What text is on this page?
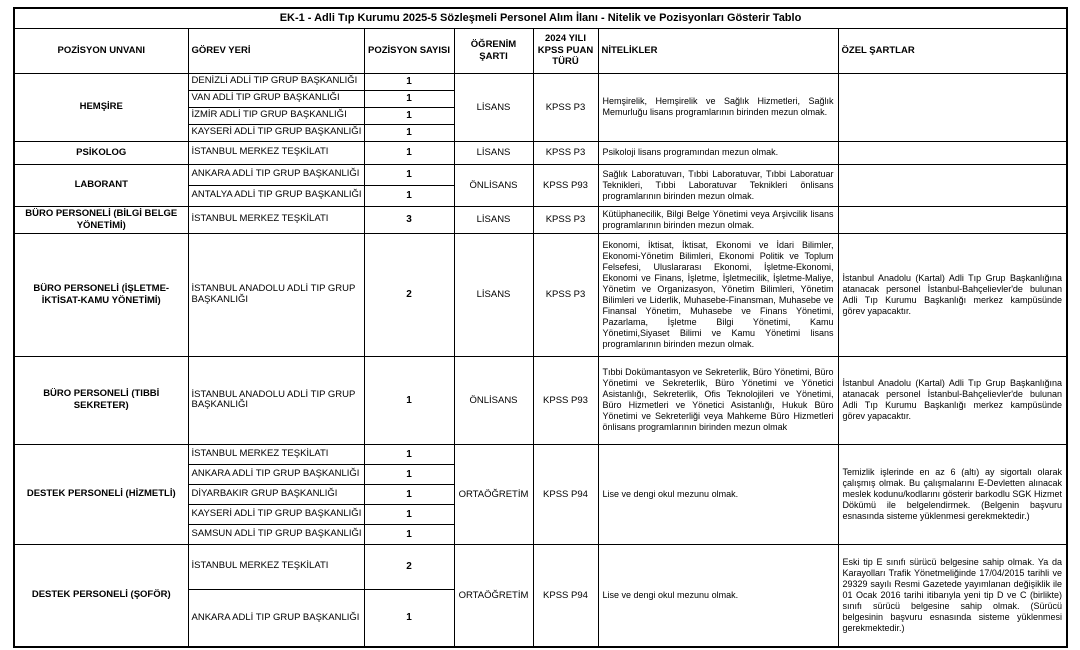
EK-1 - Adli Tıp Kurumu 2025-5 Sözleşmeli Personel Alım İlanı - Nitelik ve Pozisyonları Gösterir Tablo						
POZİSYON UNVANI	GÖREV YERİ	POZİSYON SAYISI	ÖĞRENİM ŞARTI	2024 YILI KPSS PUAN TÜRÜ	NİTELİKLER	ÖZEL ŞARTLAR
HEMŞİRE	DENİZLİ ADLİ TIP GRUP BAŞKANLIĞI	1	LİSANS	KPSS P3	Hemşirelik, Hemşirelik ve Sağlık Hizmetleri, Sağlık Memurluğu lisans programlarının birinden mezun olmak.	
	VAN ADLİ TIP GRUP BAŞKANLIĞI	1				
	İZMİR ADLİ TIP GRUP BAŞKANLIĞI	1				
	KAYSERİ ADLİ TIP GRUP BAŞKANLIĞI	1				
PSİKOLOG	İSTANBUL MERKEZ TEŞKİLATI	1	LİSANS	KPSS P3	Psikoloji lisans programından mezun olmak.	
LABORANT	ANKARA ADLİ TIP GRUP BAŞKANLIĞI	1	ÖNLİSANS	KPSS P93	Sağlık Laboratuvarı, Tıbbi Laboratuvar, Tıbbi Laboratuar Teknikleri, Tıbbi Laboratuvar Teknikleri önlisans programlarının birinden mezun olmak.	
	ANTALYA ADLİ TIP GRUP BAŞKANLIĞI	1				
BÜRO PERSONELİ (BİLGİ BELGE YÖNETİMİ)	İSTANBUL MERKEZ TEŞKİLATI	3	LİSANS	KPSS P3	Kütüphanecilik, Bilgi Belge Yönetimi veya Arşivcilik lisans programlarının birinden mezun olmak.	
BÜRO PERSONELİ (İŞLETME-İKTİSAT-KAMU YÖNETİMİ)	İSTANBUL ANADOLU ADLİ TIP GRUP BAŞKANLIĞI	2	LİSANS	KPSS P3	Ekonomi, İktisat, İktisat, Ekonomi ve İdari Bilimler, Ekonomi-Yönetim Bilimleri, Ekonomi Politik ve Toplum Felsefesi, Uluslararası Ekonomi, İşletme-Ekonomi, Ekonomi ve Finans, İşletme, İşletmecilik, İşletme-Maliye, Yönetim ve Organizasyon, Yönetim Bilimleri, Yönetim Bilimleri ve Liderlik, Muhasebe-Finansman, Muhasebe ve Finansal Yönetim, Muhasebe ve Finans Yönetimi, Pazarlama, İşletme Bilgi Yönetimi, Kamu Yönetimi,Siyaset Bilimi ve Kamu Yönetimi lisans programlarının birinden mezun olmak.	İstanbul Anadolu (Kartal) Adli Tıp Grup Başkanlığına atanacak personel İstanbul-Bahçelievler'de bulunan Adli Tıp Kurumu Başkanlığı merkez kampüsünde görev yapacaktır.
BÜRO PERSONELİ (TIBBİ SEKRETER)	İSTANBUL ANADOLU ADLİ TIP GRUP BAŞKANLIĞI	1	ÖNLİSANS	KPSS P93	Tıbbi Dokümantasyon ve Sekreterlik, Büro Yönetimi, Büro Yönetimi ve Sekreterlik, Büro Yönetimi ve Yönetici Asistanlığı, Sekreterlik, Ofis Teknolojileri ve Yönetimi, Büro Hizmetleri ve Yönetici Asistanlığı, Hukuk Büro Yönetimi ve Sekreterliği veya Mahkeme Büro Hizmetleri önlisans programlarının birinden mezun olmak	İstanbul Anadolu (Kartal) Adli Tıp Grup Başkanlığına atanacak personel İstanbul-Bahçelievler'de bulunan Adli Tıp Kurumu Başkanlığı merkez kampüsünde görev yapacaktır.
DESTEK PERSONELİ (HİZMETLİ)	İSTANBUL MERKEZ TEŞKİLATI	1	ORTAÖĞRETİM	KPSS P94	Lise ve dengi okul mezunu olmak.	Temizlik işlerinde en az 6 (altı) ay sigortalı olarak çalışmış olmak. Bu çalışmalarını E-Devletten alınacak meslek kodunu/kodlarını gösterir barkodlu SGK Hizmet Dökümü ile belgelendirmek. (Belgenin başvuru esnasında sisteme yüklenmesi gerekmektedir.)
	ANKARA ADLİ TIP GRUP BAŞKANLIĞI	1				
	DİYARBAKIR GRUP BAŞKANLIĞI	1				
	KAYSERİ ADLİ TIP GRUP BAŞKANLIĞI	1				
	SAMSUN ADLİ TIP GRUP BAŞKANLIĞI	1				
DESTEK PERSONELİ (ŞOFÖR)	İSTANBUL MERKEZ TEŞKİLATI	2	ORTAÖĞRETİM	KPSS P94	Lise ve dengi okul mezunu olmak.	Eski tip E sınıfı sürücü belgesine sahip olmak. Ya da Karayolları Trafik Yönetmeliğinde 17/04/2015 tarihli ve 29329 sayılı Resmi Gazetede yayımlanan değişiklik ile 01 Ocak 2016 tarihi itibarıyla yeni tip D ve C (birlikte) sınıfı sürücü belgesine sahip olmak. (Sürücü belgesinin başvuru esnasında sisteme yüklenmesi gerekmektedir.)
	ANKARA ADLİ TIP GRUP BAŞKANLIĞI	1				
